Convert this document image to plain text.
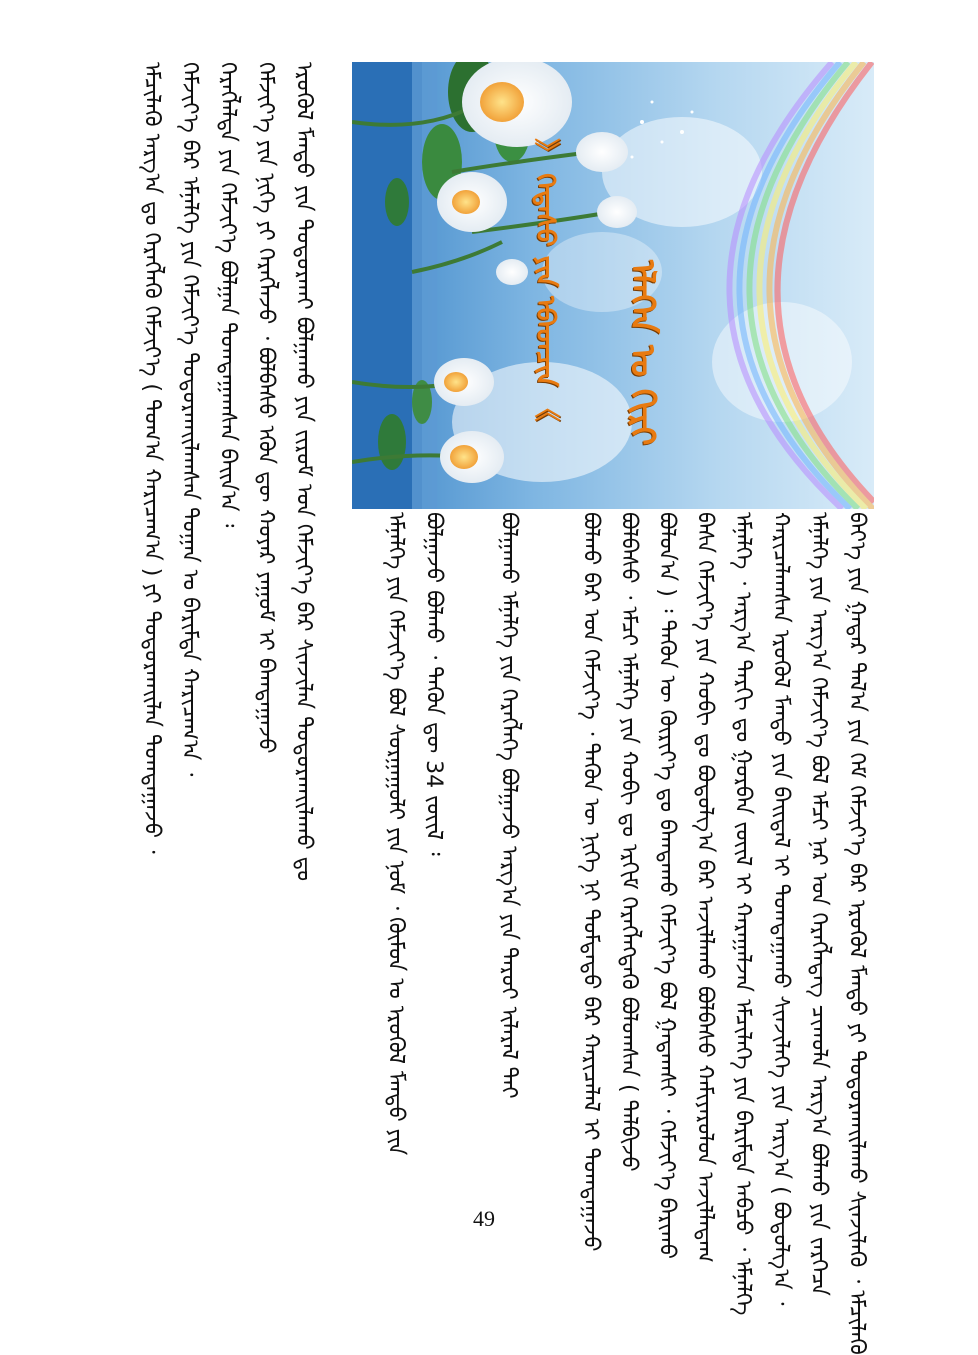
ᠡᠯᠡᠭᠡᠨ ᠣ ᠬᠢᠷᠢ
》 ᠭᠡᠳᠡᠰᠦ ᠶᠢᠨ ᠡᠪᠡᠳᠴᠢᠨ 《
ᠪᠡᠶ᠎ᠡ ᠶᠢᠨ ᠭᠠᠳᠠᠷ ᠲᠠᠯ᠎ᠠ ᠶᠢᠨ ᠬᠡᠮ ᠬᠡᠮᠵᠢᠶ᠎ᠡ ᠪᠡᠷ ᠡᠷᠦᠬᠦᠯ ᠮᠡᠨᠳᠦ ᠶᠢ ᠲᠣᠳᠤᠷᠬᠠᠢᠯᠠᠬᠤ ᠰᠢᠨᠵᠢᠯᠡᠬᠦ ᠂ ᠡᠮᠴᠢᠯᠡᠬᠦ
ᠡᠮᠨᠡᠯᠭᠡ ᠶᠢᠨ ᠠᠷᠭ᠎ᠠ ᠬᠡᠮᠵᠢᠶ᠎ᠡ ᠪᠣᠯ ᠡᠮᠴᠢ ᠨᠠᠷ ᠤᠨ ᠬᠡᠷᠡᠭᠯᠡᠳᠡᠭ ᠴᠢᠬᠤᠯᠠ ᠠᠷᠭ᠎ᠠ ᠪᠣᠯᠬᠤ ᠶᠢᠨ ᠵᠡᠷᠭᠡᠴᠡ
ᠬᠠᠷᠢᠴᠠᠯᠠᠭᠰᠠᠨ ᠡᠷᠦᠬᠦᠯ ᠮᠡᠨᠳᠦ ᠶᠢᠨ ᠪᠠᠢᠳᠠᠯ ᠢ ᠲᠣᠭᠲᠠᠭᠠᠬᠤ ᠰᠢᠨᠵᠢᠯᠡᠭᠡ ᠶᠢᠨ ᠠᠷᠭ᠎ᠠ ( ᠪᠣᠳᠣᠯᠭ᠎ᠠ ᠂
ᠡᠮᠨᠡᠯᠭᠡ ᠂ ᠠᠷᠭ᠎ᠠ ᠲᠠᠷᠬᠢ ᠳᠤ ᠭᠣᠷᠪᠠᠨ ᠵᠦᠢᠯ ᠢ ᠬᠠᠷᠠᠭᠠᠯᠵᠠᠨ ᠡᠮᠴᠢᠯᠡᠭᠡ ᠶᠢᠨ ᠪᠠᠷᠢᠮᠲᠠ ᠠᠪᠴᠤ ᠂ ᠡᠮᠨᠡᠯᠭᠡ
ᠪᠠᠰᠠ ᠬᠡᠮᠵᠢᠶ᠎ᠡ ᠶᠢᠨ ᠬᠤᠪᠢ ᠳᠤ ᠪᠣᠳᠣᠯᠭ᠎ᠠ ᠪᠠᠷ ᠠᠵᠢᠯᠯᠠᠬᠤ ᠪᠣᠯᠪᠠᠰᠤ ᠬᠠᠮᠢᠶᠠᠷᠤᠯᠤᠨ ᠠᠵᠢᠯᠯᠠᠳᠠᠭ
ᠪᠣᠯᠤᠨ᠎ᠠ ) ᠄ ᠲᠡᠭᠦᠨ ᠦ ᠬᠦᠷᠢᠶ᠎ᠡ ᠳᠤ ᠪᠠᠭᠲᠠᠬᠤ ᠬᠡᠮᠵᠢᠶ᠎ᠡ ᠪᠣᠯ ᠭᠠᠳᠠᠭᠰᠢ ᠂ ᠬᠡᠮᠵᠢᠶ᠎ᠡ ᠪᠠᠷᠢᠬᠤ
ᠪᠣᠯᠪᠠᠰᠤ ᠂ ᠡᠮᠴᠢ ᠡᠮᠨᠡᠯᠭᠡ ᠶᠢᠨ ᠬᠤᠪᠢ ᠳᠤ ᠡᠷᠬᠢᠮ ᠬᠡᠷᠡᠭᠯᠡᠭᠳᠡᠬᠦ ᠪᠣᠯᠤᠭᠰᠠᠨ ( ᠲᠠᠯᠪᠢᠵᠤ
ᠪᠣᠯᠬᠤ ᠪᠠᠷ ᠤᠨ ᠬᠡᠮᠵᠢᠶ᠎ᠡ ᠂ ᠲᠡᠭᠦᠨ ᠦ ᠨᠢᠭᠡ ᠨᠢ ᠳᠤᠮᠳᠠᠳᠤ ᠪᠠᠷ ᠬᠠᠷᠢᠴᠠᠯᠠᠯ ᠢ ᠲᠣᠭᠲᠠᠭᠠᠵᠤ
ᠪᠣᠯᠭᠠᠬᠤ ᠡᠮᠨᠡᠯᠭᠡ ᠶᠢᠨ ᠬᠡᠷᠡᠭᠯᠡᠭᠡ ᠪᠣᠯᠭᠠᠵᠤ ᠠᠷᠭ᠎ᠠ ᠶᠢᠨ ᠳᠠᠷᠤᠢ ᠢᠯᠡᠷᠡᠯ ᠲᠠᠢ
ᠪᠣᠯᠭᠠᠵᠤ ᠪᠣᠯᠬᠤ ᠂ ᠲᠡᠭᠦᠨ ᠳᠦ 34 ᠵᠦᠢᠯ ᠄
ᠡᠮᠨᠡᠯᠭᠡ ᠶᠢᠨ ᠬᠡᠮᠵᠢᠶ᠎ᠡ ᠪᠣᠯ ᠰᠤᠷᠭᠠᠭᠤᠯᠢ ᠶᠢᠨ ᠨᠣᠮ ᠂ ᠬᠦᠮᠦᠨ ᠤ ᠡᠷᠦᠬᠦᠯ ᠮᠡᠨᠳᠦ ᠶᠢᠨ
ᠡᠷᠦᠬᠦᠯ ᠮᠡᠨᠳᠦ ᠶᠢᠨ ᠲᠣᠳᠤᠷᠬᠠᠢ ᠪᠣᠯᠭᠠᠬᠤ ᠶᠢᠨ ᠵᠢᠷᠤᠮ ᠤᠨ ᠬᠡᠮᠵᠢᠶ᠎ᠡ ᠪᠠᠷ ᠰᠢᠨᠵᠢᠯᠡᠨ ᠲᠣᠳᠤᠷᠬᠠᠢᠯᠠᠬᠤ ᠳᠤ
ᠬᠡᠮᠵᠢᠶ᠎ᠡ ᠶᠢᠨ ᠨᠢᠭᠡ ᠶᠢ ᠬᠡᠷᠡᠭᠯᠡᠵᠤ ᠂ ᠪᠣᠯᠪᠠᠰᠤ ᠡᠭᠦᠨ ᠳᠦ ᠬᠣᠶᠠᠷ ᠶᠠᠭᠤᠮ ᠢ ᠪᠠᠭᠲᠠᠭᠠᠵᠤ
ᠬᠡᠷᠡᠭᠯᠡᠯᠲᠡ ᠶᠢᠨ ᠬᠡᠮᠵᠢᠶ᠎ᠡ ᠪᠣᠯᠭᠠᠨ ᠲᠣᠭᠲᠠᠭᠠᠭᠰᠠᠨ ᠪᠠᠢᠨ᠎ᠠ ᠄
ᠬᠡᠮᠵᠢᠶ᠎ᠡ ᠪᠠᠷ ᠡᠮᠨᠡᠯᠭᠡ ᠶᠢᠨ ᠬᠡᠮᠵᠢᠶ᠎ᠡ ᠲᠣᠳᠤᠷᠬᠠᠢᠯᠠᠭᠰᠠᠨ ᠲᠣᠭᠠᠨ ᠤ ᠪᠠᠷᠢᠮᠲᠠ ᠬᠠᠷᠢᠴᠠᠭ᠎ᠠ ᠂
ᠡᠮᠴᠢᠯᠡᠬᠦ ᠠᠷᠭ᠎ᠠ ᠳᠤ ᠬᠡᠷᠡᠭᠯᠡᠬᠦ ᠬᠡᠮᠵᠢᠶ᠎ᠡ ( ᠲᠣᠭ᠎ᠠ ᠬᠠᠷᠢᠴᠠᠭ᠎ᠠ ) ᠶᠢ ᠲᠣᠳᠤᠷᠬᠠᠢᠯᠠᠨ ᠲᠣᠭᠲᠠᠭᠠᠵᠤ ᠂
49
